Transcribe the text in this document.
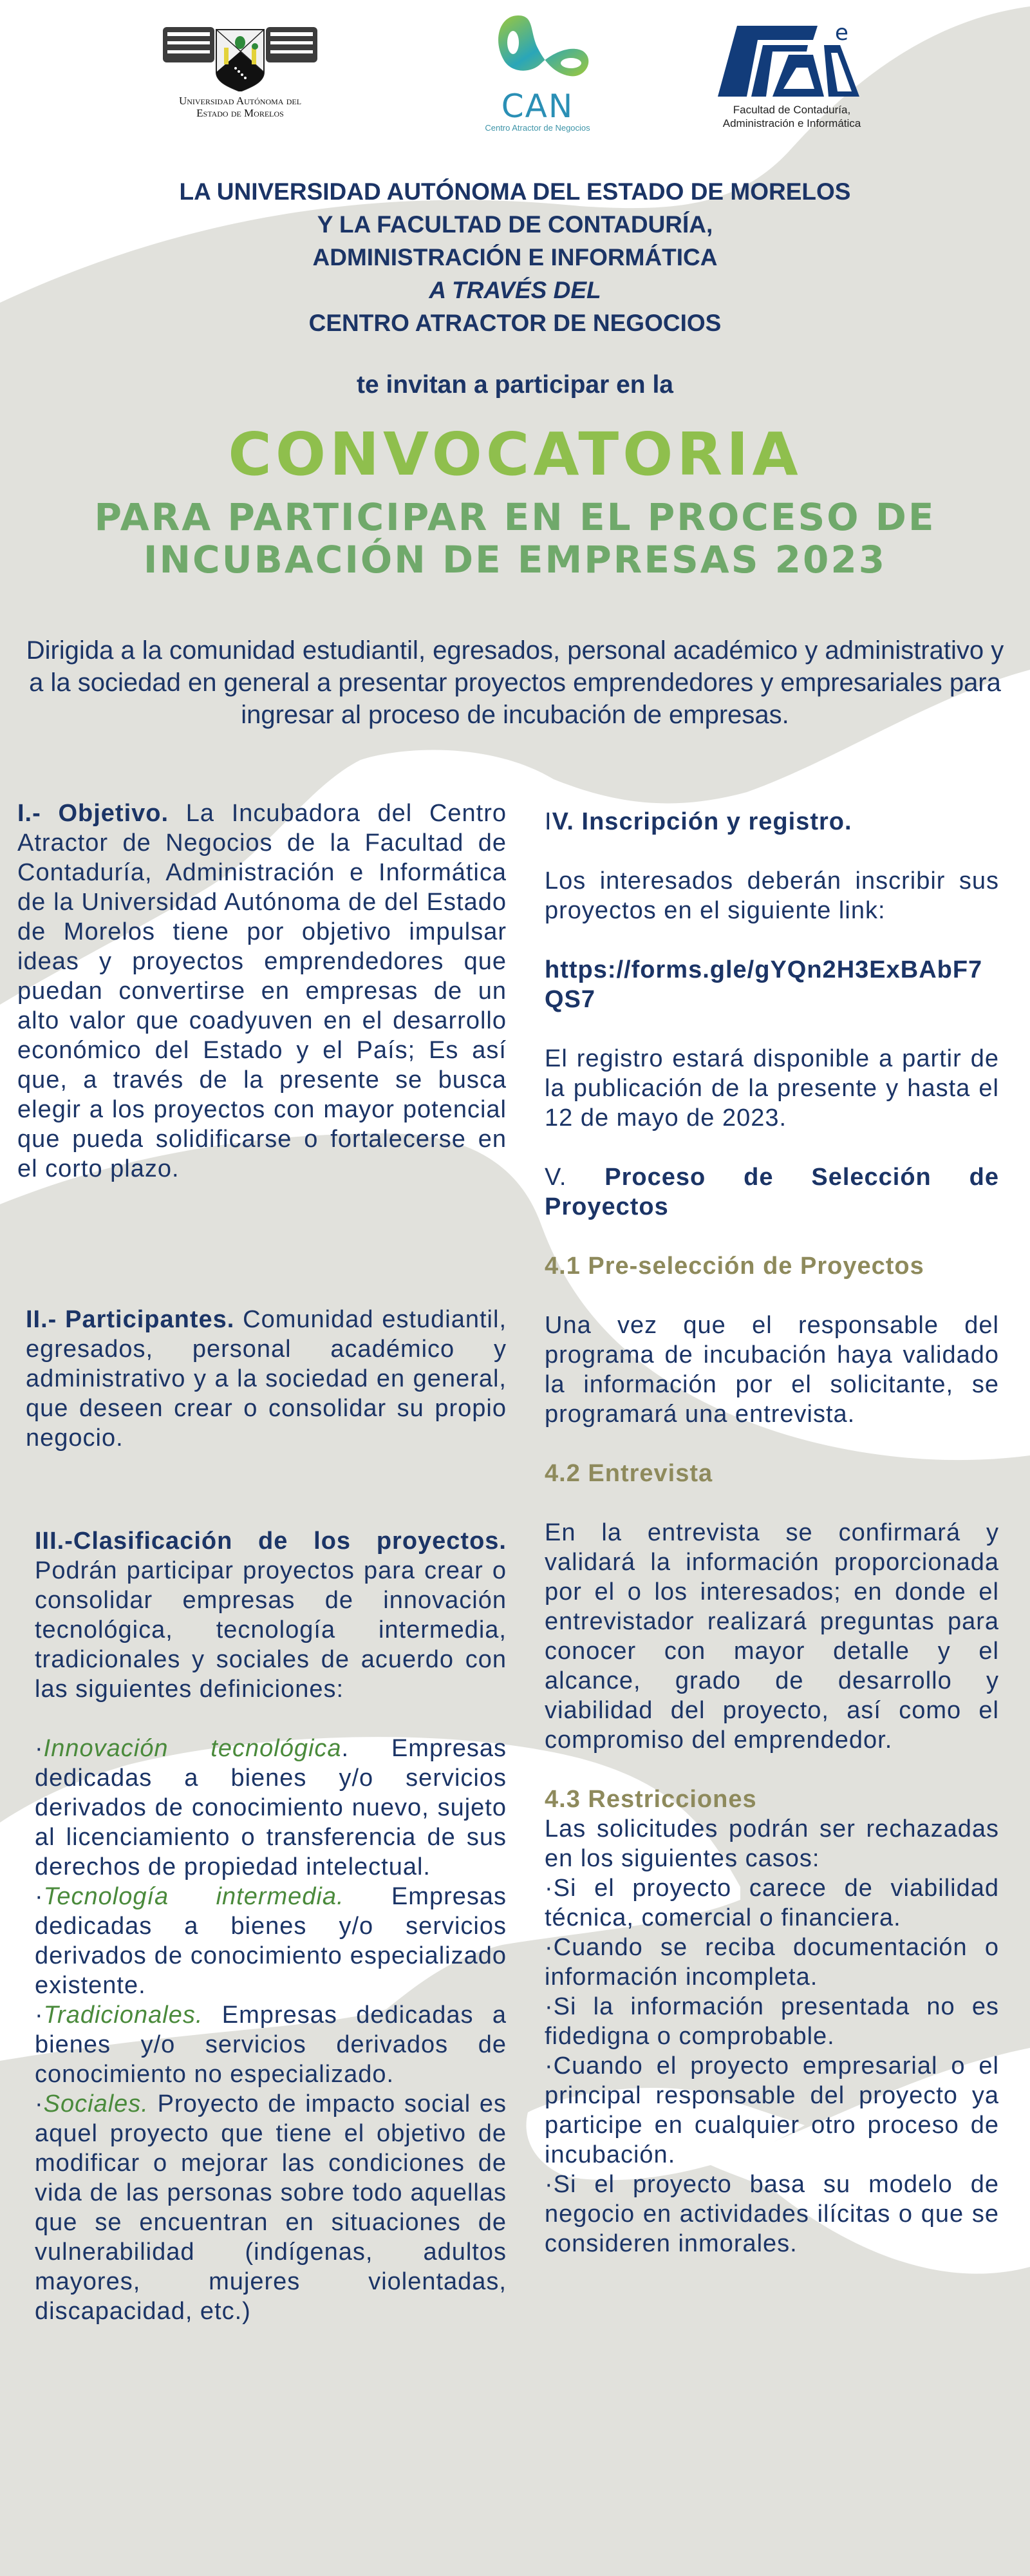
Universidad Autónoma del
Estado de Morelos	CAN
Centro Atractor de Negocios
e
Facultad de Contaduría,
Administración e Informática
LA UNIVERSIDAD AUTÓNOMA DEL ESTADO DE MORELOS
Y LA FACULTAD DE CONTADURÍA,
ADMINISTRACIÓN E INFORMÁTICA
A TRAVÉS DEL
CENTRO ATRACTOR DE NEGOCIOS
te invitan a participar en la
CONVOCATORIA
PARA PARTICIPAR EN EL PROCESO DE
INCUBACIÓN DE EMPRESAS 2023
Dirigida a la comunidad estudiantil, egresados, personal académico y administrativo y a la sociedad en general a presentar proyectos emprendedores y empresariales para ingresar al proceso de incubación de empresas.

I.- Objetivo. La Incubadora del Centro Atractor de Negocios de la Facultad de Contaduría, Administración e Informática de la Universidad Autónoma de del Estado de Morelos tiene por objetivo impulsar ideas y proyectos emprendedores que puedan convertirse en empresas de un alto valor que coadyuven en el desarrollo económico del Estado y el País; Es así que, a través de la presente se busca elegir a los proyectos con mayor potencial que pueda solidificarse o fortalecerse en el corto plazo.

II.- Participantes. Comunidad estudiantil, egresados, personal académico y administrativo y a la sociedad en general, que deseen crear o consolidar su propio negocio.

III.-Clasificación de los proyectos. Podrán participar proyectos para crear o consolidar empresas de innovación tecnológica, tecnología intermedia, tradicionales y sociales de acuerdo con las siguientes definiciones:

·Innovación tecnológica. Empresas dedicadas a bienes y/o servicios derivados de conocimiento nuevo, sujeto al licenciamiento o transferencia de sus derechos de propiedad intelectual.

·Tecnología intermedia. Empresas dedicadas a bienes y/o servicios derivados de conocimiento especializado existente.

·Tradicionales. Empresas dedicadas a bienes y/o servicios derivados de conocimiento no especializado.

·Sociales. Proyecto de impacto social es aquel proyecto que tiene el objetivo de modificar o mejorar las condiciones de vida de las personas sobre todo aquellas que se encuentran en situaciones de vulnerabilidad (indígenas, adultos mayores, mujeres violentadas, discapacidad, etc.)

IV. Inscripción y registro.

Los interesados deberán inscribir sus proyectos en el siguiente link:

https://forms.gle/gYQn2H3ExBAbF7QS7

El registro estará disponible a partir de la publicación de la presente y hasta el 12 de mayo de 2023.

V. Proceso de Selección de Proyectos

4.1 Pre-selección de Proyectos

Una vez que el responsable del programa de incubación haya validado la información por el solicitante, se programará una entrevista.

4.2 Entrevista

En la entrevista se confirmará y validará la información proporcionada por el o los interesados; en donde el entrevistador realizará preguntas para conocer con mayor detalle y el alcance, grado de desarrollo y viabilidad del proyecto, así como el compromiso del emprendedor.

4.3 Restricciones

Las solicitudes podrán ser rechazadas en los siguientes casos:

·Si el proyecto carece de viabilidad técnica, comercial o financiera.

·Cuando se reciba documentación o información incompleta.

·Si la información presentada no es fidedigna o comprobable.

·Cuando el proyecto empresarial o el principal responsable del proyecto ya participe en cualquier otro proceso de incubación.

·Si el proyecto basa su modelo de negocio en actividades ilícitas o que se consideren inmorales.
